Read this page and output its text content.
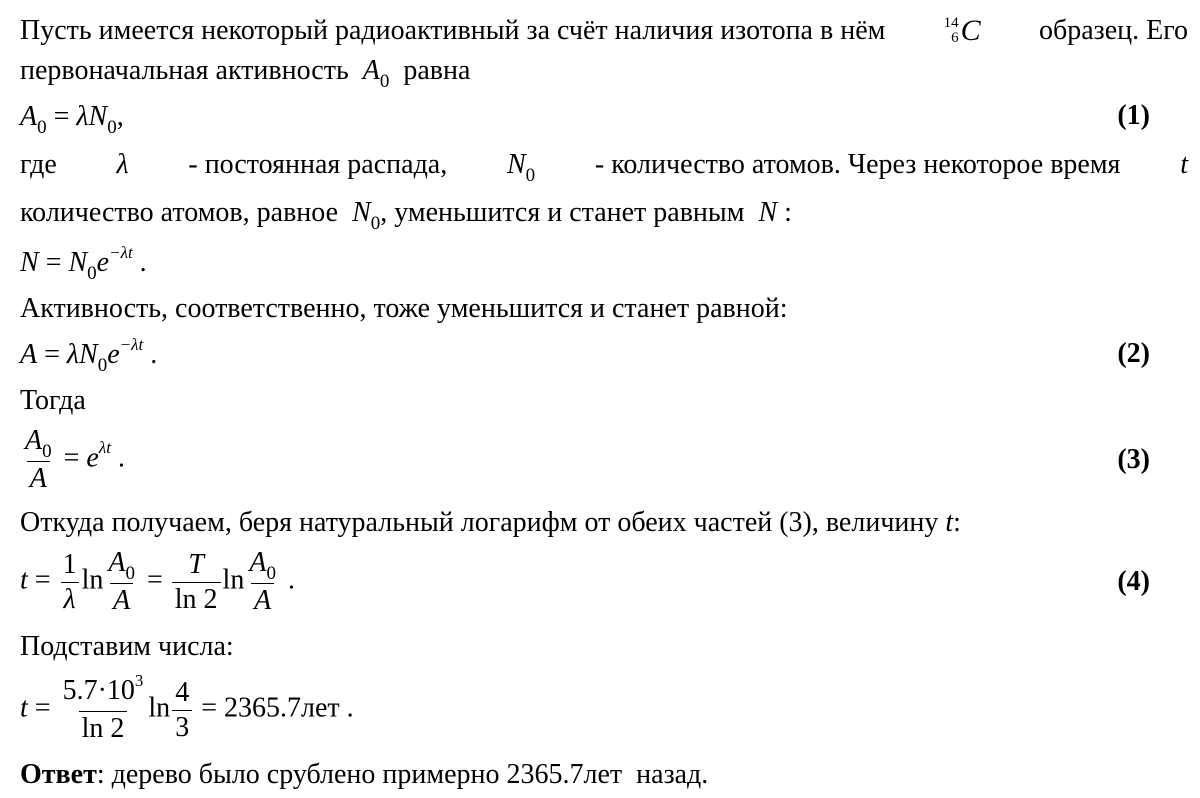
Пусть имеется некоторый радиоактивный за счёт наличия изотопа в нём	14
6 C образец. Его
первоначальная активность $A_0$ равна
$A_0 = \lambda N_0$,	(1)
где λ - постоянная распада, $N_0$ - количество атомов. Через некоторое время t
количество атомов, равное $N_0$, уменьшится и станет равным N :
$N = N_0e^{-\lambda t}$ .
Активность, соответственно, тоже уменьшится и станет равной:
$A = \lambda N_0e^{-\lambda t}$ .	(2)
Тогда
$\frac{A_0}{A} = e^{\lambda t}$ .	(3)
Откуда получаем, беря натуральный логарифм от обеих частей (3), величину t:
$t = \frac{1}{\lambda}$ $\ln \frac{A_0}{A} = \frac{T}{\ln 2}$ $\ln \frac{A_0}{A}$ .	(4)
Подставим числа:
$t = \frac{5.7\cdot 10^3}{\ln 2}$ $\ln \frac{4}{3} = 2365.7лет$ .
Ответ: дерево было срублено примерно 2365.7лет назад.
